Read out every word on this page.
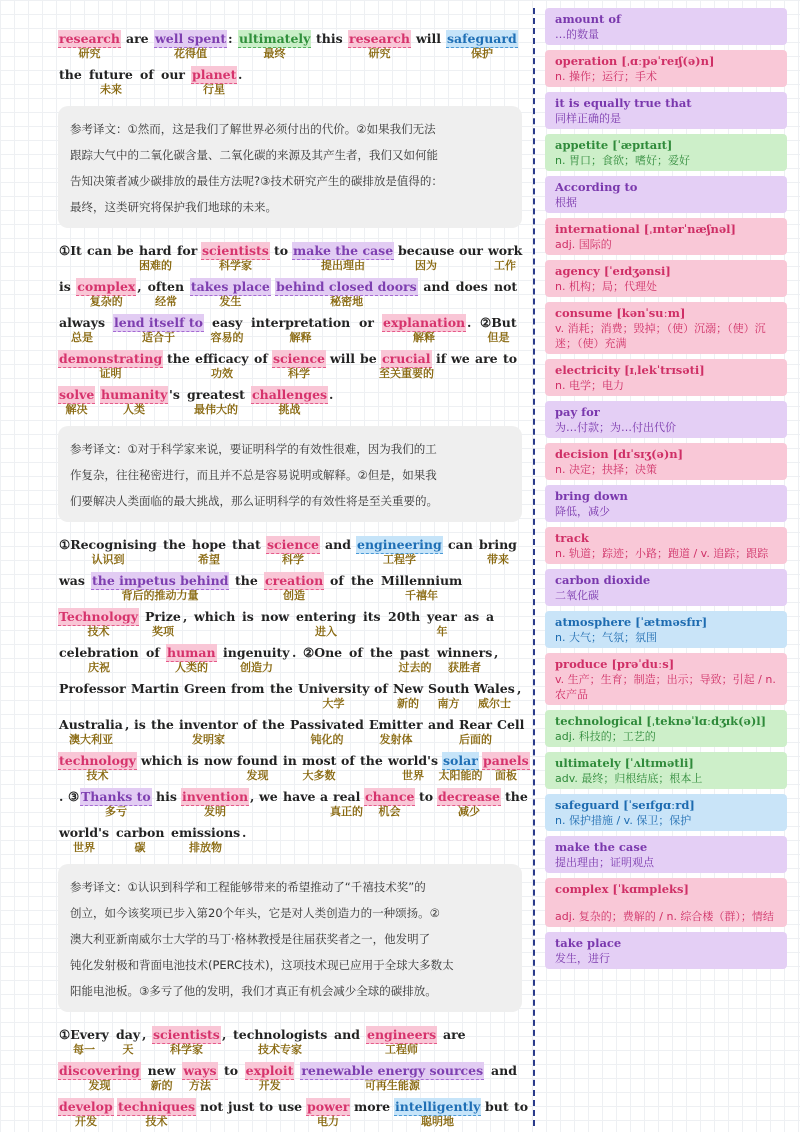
research are well spent : ultimately this research will safeguard
研究	花得值	最终	研究	保护
the future of our planet .
未来	行星
参考译文：①然而，这是我们了解世界必须付出的代价。②如果我们无法
跟踪大气中的二氧化碳含量、二氧化碳的来源及其产生者，我们又如何能
告知决策者减少碳排放的最佳方法呢?③技术研究产生的碳排放是值得的：
最终，这类研究将保护我们地球的未来。
①It can be hard for scientists to make the case because our work
困难的	科学家	提出理由	因为	工作
is complex , often takes place behind closed doors and does not
复杂的	经常	发生	秘密地
always lend itself to easy interpretation or explanation . ②But
总是	适合于	容易的	解释	解释	但是
demonstrating the efficacy of science will be crucial if we are to
证明	功效	科学	至关重要的
solve humanity 's greatest challenges .
解决	人类	最伟大的	挑战
参考译文：①对于科学家来说，要证明科学的有效性很难，因为我们的工
作复杂，往往秘密进行，而且并不总是容易说明或解释。②但是，如果我
们要解决人类面临的最大挑战，那么证明科学的有效性将是至关重要的。
①Recognising the hope that science and engineering can bring
认识到	希望	科学	工程学	带来
was the impetus behind the creation of the Millennium
背后的推动力量	创造	千禧年
Technology Prize , which is now entering its 20th year as a
技术	奖项	进入	年
celebration of human ingenuity . ②One of the past winners ,
庆祝	人类的	创造力	过去的 获胜者
Professor Martin Green from the University of New South Wales ,
大学	新的 南方 威尔士
Australia , is the inventor of the Passivated Emitter and Rear Cell
澳大利亚	发明家	钝化的	发射体	后面的
technology which is now found in most of the world's solar panels
技术	发现	大多数	世界 太阳能的 面板
. ③ Thanks to his invention , we have a real chance to decrease the
多亏	发明	真正的 机会	减少
world's carbon emissions .
世界	碳	排放物
参考译文：①认识到科学和工程能够带来的希望推动了“千禧技术奖”的
创立，如今该奖项已步入第20个年头，它是对人类创造力的一种颂扬。②
澳大利亚新南威尔士大学的马丁·格林教授是往届获奖者之一，他发明了
钝化发射极和背面电池技术(PERC技术)，这项技术现已应用于全球大多数太
阳能电池板。③多亏了他的发明，我们才真正有机会减少全球的碳排放。
①Every day , scientists , technologists and engineers are
每一	天	科学家	技术专家	工程师
discovering new ways to exploit renewable energy sources and
发现	新的 方法	开发	可再生能源
develop techniques not just to use power more intelligently but to
开发	技术	电力	聪明地
amount of
…的数量
operation [ˌɑːpəˈreɪʃ(ə)n]
n. 操作；运行；手术
it is equally true that
同样正确的是
appetite [ˈæpɪtaɪt]
n. 胃口；食欲；嗜好；爱好
According to
根据
international [ˌɪntərˈnæʃnəl]
adj. 国际的
agency [ˈeɪdʒənsi]
n. 机构；局；代理处
consume [kənˈsuːm]
v. 消耗；消费；毁掉；（使）沉溺；（使）沉迷；（使）充满
electricity [ɪˌlekˈtrɪsəti]
n. 电学；电力
pay for
为…付款；为…付出代价
decision [dɪˈsɪʒ(ə)n]
n. 决定；抉择；决策
bring down
降低，减少
track
n. 轨道；踪迹；小路；跑道 / v. 追踪；跟踪
carbon dioxide
二氧化碳
atmosphere [ˈætməsfɪr]
n. 大气；气氛；氛围
produce [prəˈduːs]
v. 生产；生育；制造；出示；导致；引起 / n. 农产品
technological [ˌteknəˈlɑːdʒɪk(ə)l]
adj. 科技的；工艺的
ultimately [ˈʌltɪmətli]
adv. 最终；归根结底；根本上
safeguard [ˈseɪfɡɑːrd]
n. 保护措施 / v. 保卫；保护
make the case
提出理由；证明观点
complex [ˈkɑmpleks]
adj. 复杂的；费解的 / n. 综合楼（群）；情结
take place
发生，进行
